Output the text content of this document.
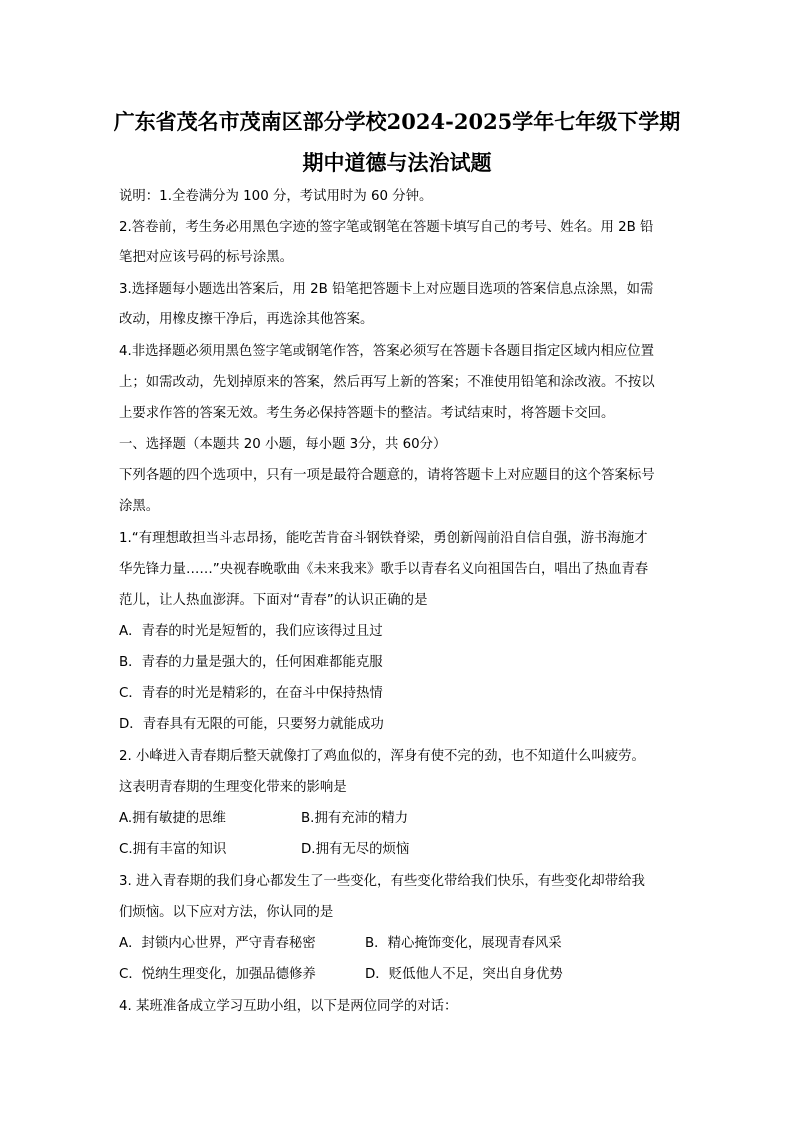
广东省茂名市茂南区部分学校2024-2025学年七年级下学期
期中道德与法治试题
说明：1.全卷满分为 100 分，考试用时为 60 分钟。
2.答卷前，考生务必用黑色字迹的签字笔或钢笔在答题卡填写自己的考号、姓名。用 2B 铅
笔把对应该号码的标号涂黑。
3.选择题每小题选出答案后，用 2B 铅笔把答题卡上对应题目选项的答案信息点涂黑，如需
改动，用橡皮擦干净后，再选涂其他答案。
4.非选择题必须用黑色签字笔或钢笔作答，答案必须写在答题卡各题目指定区域内相应位置
上；如需改动，先划掉原来的答案，然后再写上新的答案；不准使用铅笔和涂改液。不按以
上要求作答的答案无效。考生务必保持答题卡的整洁。考试结束时，将答题卡交回。
一、选择题（本题共 20 小题，每小题 3分，共 60分）
下列各题的四个选项中，只有一项是最符合题意的，请将答题卡上对应题目的这个答案标号
涂黑。
1.“有理想敢担当斗志昂扬，能吃苦肯奋斗钢铁脊梁，勇创新闯前沿自信自强，游书海施才
华先锋力量……”央视春晚歌曲《未来我来》歌手以青春名义向祖国告白，唱出了热血青春
范儿，让人热血澎湃。下面对“青春”的认识正确的是
A．青春的时光是短暂的，我们应该得过且过
B．青春的力量是强大的，任何困难都能克服
C．青春的时光是精彩的，在奋斗中保持热情
D．青春具有无限的可能，只要努力就能成功
2. 小峰进入青春期后整天就像打了鸡血似的，浑身有使不完的劲，也不知道什么叫疲劳。
这表明青春期的生理变化带来的影响是
A.拥有敏捷的思维	B.拥有充沛的精力
C.拥有丰富的知识	D.拥有无尽的烦恼
3. 进入青春期的我们身心都发生了一些变化，有些变化带给我们快乐，有些变化却带给我
们烦恼。以下应对方法，你认同的是
A．封锁内心世界，严守青春秘密	B．精心掩饰变化，展现青春风采
C．悦纳生理变化，加强品德修养	D．贬低他人不足，突出自身优势
4. 某班准备成立学习互助小组，以下是两位同学的对话：
